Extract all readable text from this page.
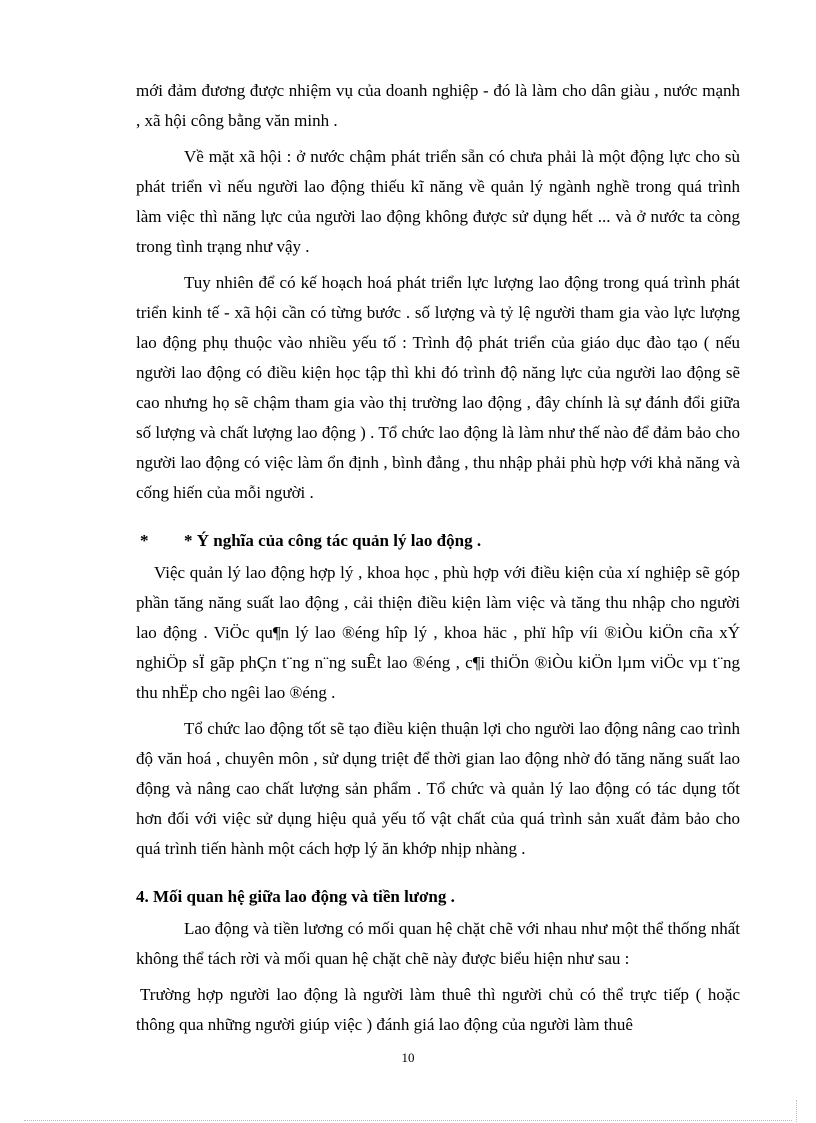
mới đảm đương được nhiệm vụ của doanh nghiệp - đó là làm cho dân giàu , nước mạnh , xã hội công bằng văn minh .

Về mặt xã hội : ở nước chậm phát triển sẵn có chưa phải là một động lực cho sù phát triển vì nếu người lao động thiếu kĩ năng về quản lý ngành nghề trong quá trình làm việc thì năng lực của người lao động không được sử dụng hết ... và ở nước ta còng trong tình trạng như vậy .

Tuy nhiên để có kế hoạch hoá phát triển lực lượng lao động trong quá trình phát triển kinh tế - xã hội cần có từng bước . số lượng và tỷ lệ người tham gia vào lực lượng lao động phụ thuộc vào nhiều yếu tố : Trình độ phát triển của giáo dục đào tạo ( nếu người lao động có điều kiện học tập thì khi đó trình độ năng lực của người lao động sẽ cao nhưng họ sẽ chậm tham gia vào thị trường lao động , đây chính là sự đánh đổi giữa số lượng và chất lượng lao động ) . Tổ chức lao động là làm như thế nào để đảm bảo cho người lao động có việc làm ổn định , bình đẳng , thu nhập phải phù hợp với khả năng và cống hiến của mỗi người .

* * Ý nghĩa của công tác quản lý lao động .

Việc quản lý lao động hợp lý , khoa học , phù hợp với điều kiện của xí nghiệp sẽ góp phần tăng năng suất lao động , cải thiện điều kiện làm việc và tăng thu nhập cho người lao động . ViÖc qu¶n lý lao ®éng hîp lý , khoa häc , phï hîp víi ®iÒu kiÖn cña xÝ nghiÖp sÏ gãp phÇn t¨ng n¨ng suÊt lao ®éng , c¶i thiÖn ®iÒu kiÖn lµm viÖc vµ t¨ng thu nhËp cho ngêi lao ®éng .

Tổ chức lao động tốt sẽ tạo điều kiện thuận lợi cho người lao động nâng cao trình độ văn hoá , chuyên môn , sử dụng triệt để thời gian lao động nhờ đó tăng năng suất lao động và nâng cao chất lượng sản phẩm . Tổ chức và quản lý lao động có tác dụng tốt hơn đối với việc sử dụng hiệu quả yếu tố vật chất của quá trình sản xuất đảm bảo cho quá trình tiến hành một cách hợp lý ăn khớp nhịp nhàng .

4. Mối quan hệ giữa lao động và tiền lương .

Lao động và tiền lương có mối quan hệ chặt chẽ với nhau như một thể thống nhất không thể tách rời và mối quan hệ chặt chẽ này được biểu hiện như sau :

Trường hợp người lao động là người làm thuê thì người chủ có thể trực tiếp ( hoặc thông qua những người giúp việc ) đánh giá lao động của người làm thuê

10
